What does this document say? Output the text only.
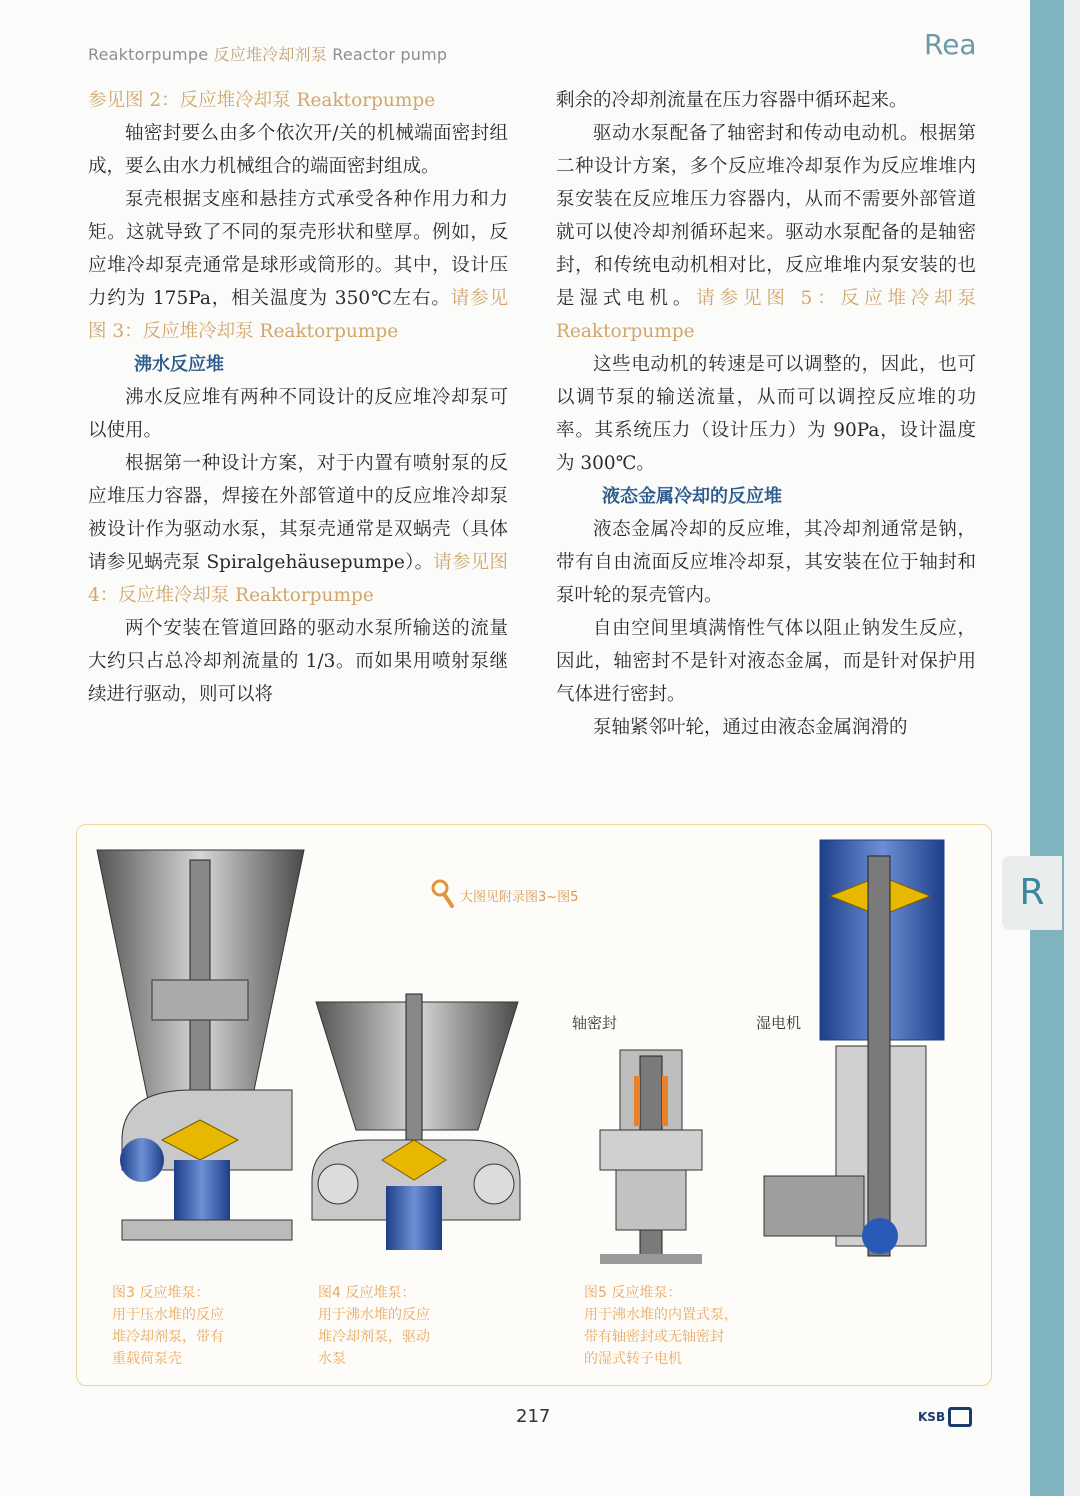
R
Reaktorpumpe 反应堆冷却剂泵 Reactor pump	Rea

参见图 2：反应堆冷却泵 Reaktorpumpe

轴密封要么由多个依次开/关的机械端面密封组成，要么由水力机械组合的端面密封组成。

泵壳根据支座和悬挂方式承受各种作用力和力矩。这就导致了不同的泵壳形状和壁厚。例如，反应堆冷却泵壳通常是球形或筒形的。其中，设计压力约为 175Pa，相关温度为 350℃左右。请参见图 3：反应堆冷却泵 Reaktorpumpe

沸水反应堆

沸水反应堆有两种不同设计的反应堆冷却泵可以使用。

根据第一种设计方案，对于内置有喷射泵的反应堆压力容器，焊接在外部管道中的反应堆冷却泵被设计作为驱动水泵，其泵壳通常是双蜗壳（具体请参见蜗壳泵 Spiralgehäusepumpe）。请参见图 4：反应堆冷却泵 Reaktorpumpe

两个安装在管道回路的驱动水泵所输送的流量大约只占总冷却剂流量的 1/3。而如果用喷射泵继续进行驱动，则可以将

剩余的冷却剂流量在压力容器中循环起来。

驱动水泵配备了轴密封和传动电动机。根据第二种设计方案，多个反应堆冷却泵作为反应堆堆内泵安装在反应堆压力容器内，从而不需要外部管道就可以使冷却剂循环起来。驱动水泵配备的是轴密封，和传统电动机相对比，反应堆堆内泵安装的也是湿式电机。请参见图 5：反应堆冷却泵 Reaktorpumpe

这些电动机的转速是可以调整的，因此，也可以调节泵的输送流量，从而可以调控反应堆的功率。其系统压力（设计压力）为 90Pa，设计温度为 300℃。

液态金属冷却的反应堆

液态金属冷却的反应堆，其冷却剂通常是钠，带有自由流面反应堆冷却泵，其安装在位于轴封和泵叶轮的泵壳管内。

自由空间里填满惰性气体以阻止钠发生反应，因此，轴密封不是针对液态金属，而是针对保护用气体进行密封。

泵轴紧邻叶轮，通过由液态金属润滑的

大图见附录图3~图5
轴密封	湿电机
图3 反应堆泵：
用于压水堆的反应
堆冷却剂泵，带有
重载荷泵壳
图4 反应堆泵：
用于沸水堆的反应
堆冷却剂泵，驱动
水泵
图5 反应堆泵：
用于沸水堆的内置式泵，
带有轴密封或无轴密封
的湿式转子电机
217	KSB
